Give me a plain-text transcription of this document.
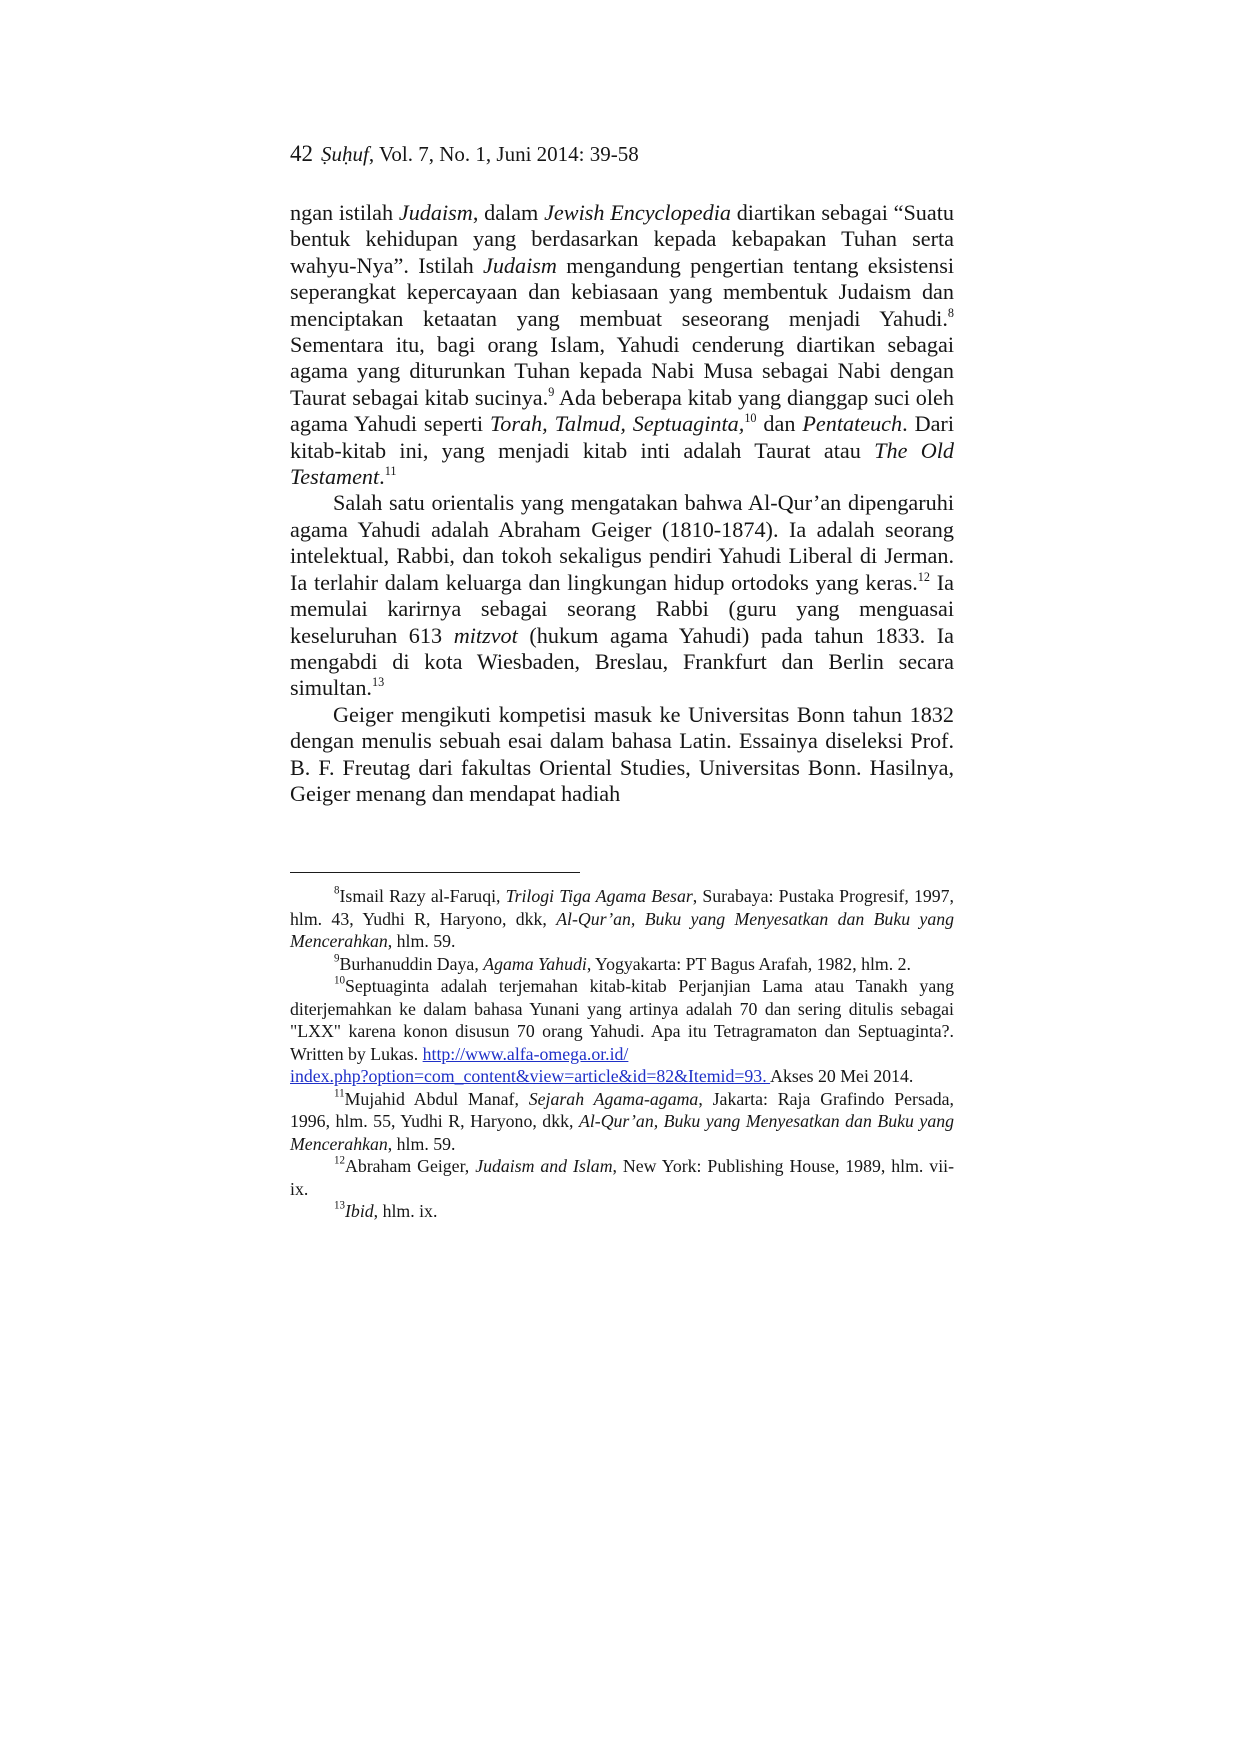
42 Ṣuḥuf, Vol. 7, No. 1, Juni 2014: 39-58

ngan istilah Judaism, dalam Jewish Encyclopedia diartikan sebagai “Suatu bentuk kehidupan yang berdasarkan kepada kebapakan Tuhan serta wahyu-Nya”. Istilah Judaism mengandung pengertian tentang eksistensi seperangkat kepercayaan dan kebiasaan yang membentuk Judaism dan menciptakan ketaatan yang membuat seseorang menjadi Yahudi.$^8$ Sementara itu, bagi orang Islam, Yahudi cenderung diartikan sebagai agama yang diturunkan Tuhan kepada Nabi Musa sebagai Nabi dengan Taurat sebagai kitab sucinya.$^9$ Ada beberapa kitab yang dianggap suci oleh agama Yahudi seperti Torah, Talmud, Septuaginta,$^{10}$ dan Pentateuch. Dari kitab-kitab ini, yang menjadi kitab inti adalah Taurat atau The Old Testament.$^{11}$

Salah satu orientalis yang mengatakan bahwa Al-Qur’an dipengaruhi agama Yahudi adalah Abraham Geiger (1810-1874). Ia adalah seorang intelektual, Rabbi, dan tokoh sekaligus pendiri Yahudi Liberal di Jerman. Ia terlahir dalam keluarga dan lingkungan hidup ortodoks yang keras.$^{12}$ Ia memulai karirnya sebagai seorang Rabbi (guru yang menguasai keseluruhan 613 mitzvot (hukum agama Yahudi) pada tahun 1833. Ia mengabdi di kota Wiesbaden, Breslau, Frankfurt dan Berlin secara simultan.$^{13}$

Geiger mengikuti kompetisi masuk ke Universitas Bonn tahun 1832 dengan menulis sebuah esai dalam bahasa Latin. Essainya diseleksi Prof. B. F. Freutag dari fakultas Oriental Studies, Universitas Bonn. Hasilnya, Geiger menang dan mendapat hadiah

$^8$Ismail Razy al-Faruqi, Trilogi Tiga Agama Besar, Surabaya: Pustaka Progresif, 1997, hlm. 43, Yudhi R, Haryono, dkk, Al-Qur’an, Buku yang Menyesatkan dan Buku yang Mencerahkan, hlm. 59.

$^9$Burhanuddin Daya, Agama Yahudi, Yogyakarta: PT Bagus Arafah, 1982, hlm. 2.

$^{10}$Septuaginta adalah terjemahan kitab-kitab Perjanjian Lama atau Tanakh yang diterjemahkan ke dalam bahasa Yunani yang artinya adalah 70 dan sering ditulis sebagai "LXX" karena konon disusun 70 orang Yahudi. Apa itu Tetragramaton dan Septuaginta?. Written by Lukas. http://www.alfa-omega.or.id/
index.php?option=com_content&view=article&id=82&Itemid=93. Akses 20 Mei 2014.

$^{11}$Mujahid Abdul Manaf, Sejarah Agama-agama, Jakarta: Raja Grafindo Persada, 1996, hlm. 55, Yudhi R, Haryono, dkk, Al-Qur’an, Buku yang Menyesatkan dan Buku yang Mencerahkan, hlm. 59.

$^{12}$Abraham Geiger, Judaism and Islam, New York: Publishing House, 1989, hlm. vii-ix.

$^{13}$Ibid, hlm. ix.
